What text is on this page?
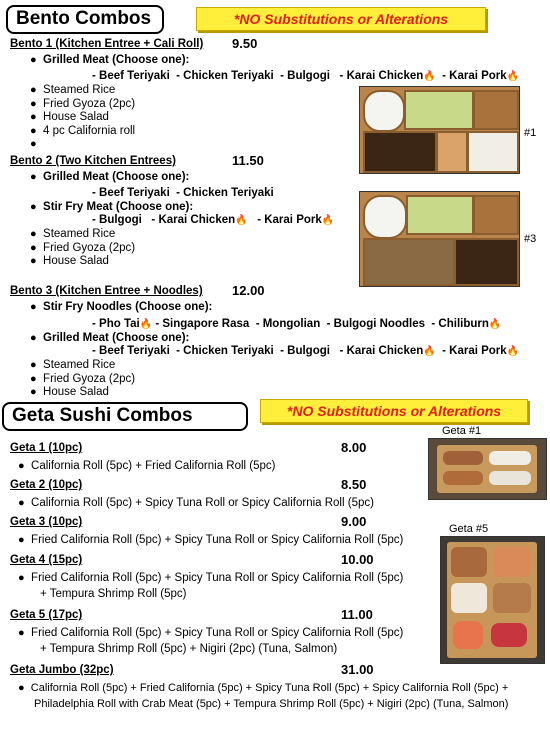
Bento Combos	*NO Substitutions or Alterations
Bento 1 (Kitchen Entree + Cali Roll) 9.50
● Grilled Meat (Choose one):
- Beef Teriyaki - Chicken Teriyaki - Bulgogi - Karai Chicken🔥 - Karai Pork🔥
● Steamed Rice
● Fried Gyoza (2pc)
● House Salad
● 4 pc California roll
●
#1
Bento 2 (Two Kitchen Entrees)	11.50
● Grilled Meat (Choose one):
- Beef Teriyaki - Chicken Teriyaki
● Stir Fry Meat (Choose one):
- Bulgogi - Karai Chicken🔥 - Karai Pork🔥
● Steamed Rice
● Fried Gyoza (2pc)
● House Salad
#3
Bento 3 (Kitchen Entree + Noodles) 12.00
● Stir Fry Noodles (Choose one):
- Pho Tai🔥 - Singapore Rasa - Mongolian - Bulgogi Noodles - Chiliburn🔥
● Grilled Meat (Choose one):
- Beef Teriyaki - Chicken Teriyaki - Bulgogi - Karai Chicken🔥 - Karai Pork🔥
● Steamed Rice
● Fried Gyoza (2pc)
● House Salad
Geta Sushi Combos	*NO Substitutions or Alterations
Geta 1 (10pc)	8.00
● California Roll (5pc) + Fried California Roll (5pc)
Geta 2 (10pc)	8.50
● California Roll (5pc) + Spicy Tuna Roll or Spicy California Roll (5pc)
Geta 3 (10pc)	9.00
● Fried California Roll (5pc) + Spicy Tuna Roll or Spicy California Roll (5pc)
Geta 4 (15pc)	10.00
● Fried California Roll (5pc) + Spicy Tuna Roll or Spicy California Roll (5pc)
+ Tempura Shrimp Roll (5pc)
Geta 5 (17pc)	11.00
● Fried California Roll (5pc) + Spicy Tuna Roll or Spicy California Roll (5pc)
+ Tempura Shrimp Roll (5pc) + Nigiri (2pc) (Tuna, Salmon)
Geta Jumbo (32pc)	31.00
● California Roll (5pc) + Fried California (5pc) + Spicy Tuna Roll (5pc) + Spicy California Roll (5pc) +
Philadelphia Roll with Crab Meat (5pc) + Tempura Shrimp Roll (5pc) + Nigiri (2pc) (Tuna, Salmon)
Geta #1
Geta #5
